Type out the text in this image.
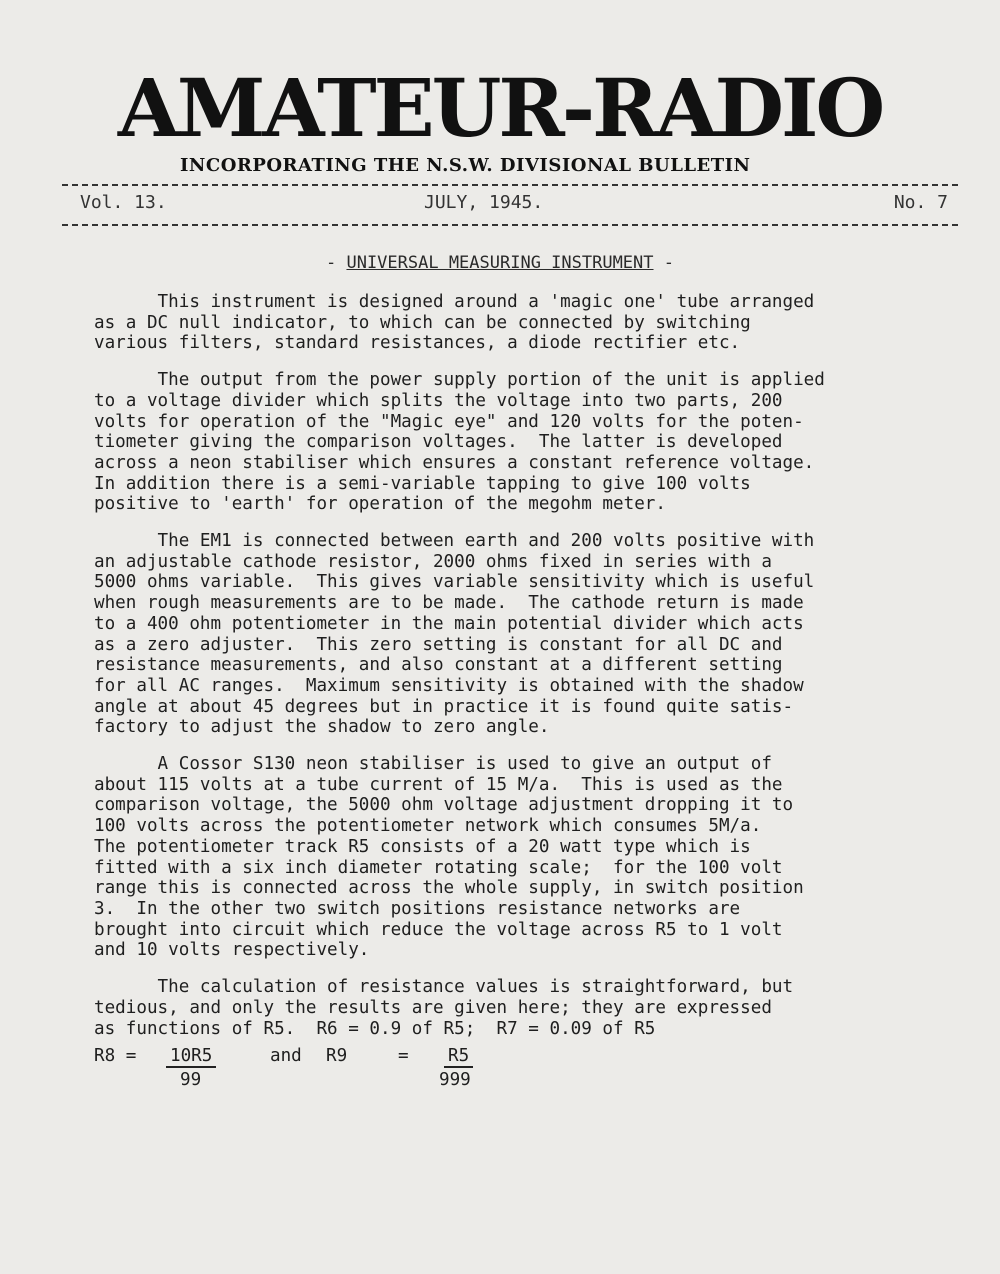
AMATEUR-RADIO
INCORPORATING THE N.S.W. DIVISIONAL BULLETIN
Vol. 13.	JULY, 1945.	No. 7
- UNIVERSAL MEASURING INSTRUMENT -
This instrument is designed around a 'magic one' tube arranged
as a DC null indicator, to which can be connected by switching
various filters, standard resistances, a diode rectifier etc.
The output from the power supply portion of the unit is applied
to a voltage divider which splits the voltage into two parts, 200
volts for operation of the "Magic eye" and 120 volts for the poten-
tiometer giving the comparison voltages.  The latter is developed
across a neon stabiliser which ensures a constant reference voltage.
In addition there is a semi-variable tapping to give 100 volts
positive to 'earth' for operation of the megohm meter.
The EM1 is connected between earth and 200 volts positive with
an adjustable cathode resistor, 2000 ohms fixed in series with a
5000 ohms variable.  This gives variable sensitivity which is useful
when rough measurements are to be made.  The cathode return is made
to a 400 ohm potentiometer in the main potential divider which acts
as a zero adjuster.  This zero setting is constant for all DC and
resistance measurements, and also constant at a different setting
for all AC ranges.  Maximum sensitivity is obtained with the shadow
angle at about 45 degrees but in practice it is found quite satis-
factory to adjust the shadow to zero angle.
A Cossor S130 neon stabiliser is used to give an output of
about 115 volts at a tube current of 15 M/a.  This is used as the
comparison voltage, the 5000 ohm voltage adjustment dropping it to
100 volts across the potentiometer network which consumes 5M/a.
The potentiometer track R5 consists of a 20 watt type which is
fitted with a six inch diameter rotating scale;  for the 100 volt
range this is connected across the whole supply, in switch position
3.  In the other two switch positions resistance networks are
brought into circuit which reduce the voltage across R5 to 1 volt
and 10 volts respectively.
The calculation of resistance values is straightforward, but
tedious, and only the results are given here; they are expressed
as functions of R5.  R6 = 0.9 of R5;  R7 = 0.09 of R5
R8 = 10R5
99
and R9	= R5
999
